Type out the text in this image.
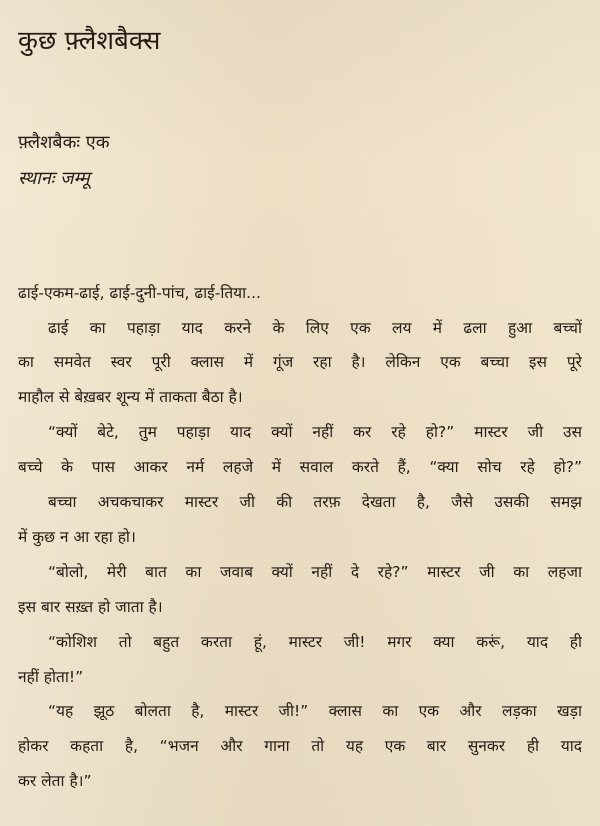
कुछ फ़्लैशबैक्स
फ़्लैशबैकः एक
स्थानः जम्मू
ढाई-एकम-ढाई, ढाई-दुनी-पांच, ढाई-तिया...
ढाई का पहाड़ा याद करने के लिए एक लय में ढला हुआ बच्चों
का समवेत स्वर पूरी क्लास में गूंज रहा है। लेकिन एक बच्चा इस पूरे
माहौल से बेख़बर शून्य में ताकता बैठा है।
“क्यों बेटे, तुम पहाड़ा याद क्यों नहीं कर रहे हो?” मास्टर जी उस
बच्चे के पास आकर नर्म लहजे में सवाल करते हैं, “क्या सोच रहे हो?”
बच्चा अचकचाकर मास्टर जी की तरफ़ देखता है, जैसे उसकी समझ
में कुछ न आ रहा हो।
“बोलो, मेरी बात का जवाब क्यों नहीं दे रहे?” मास्टर जी का लहजा
इस बार सख़्त हो जाता है।
“कोशिश तो बहुत करता हूं, मास्टर जी! मगर क्या करूं, याद ही
नहीं होता!”
“यह झूठ बोलता है, मास्टर जी!” क्लास का एक और लड़का खड़ा
होकर कहता है, “भजन और गाना तो यह एक बार सुनकर ही याद
कर लेता है।”
